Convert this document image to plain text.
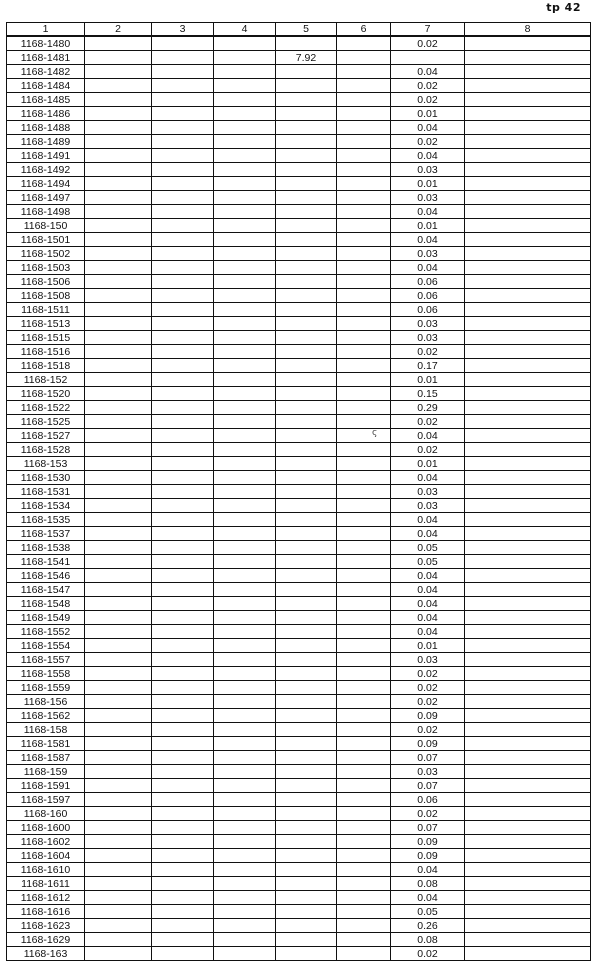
tp 42
ς
1	2	3	4	5	6	7	8
1168-1480						0.02	
1168-1481				7.92			
1168-1482						0.04	
1168-1484						0.02	
1168-1485						0.02	
1168-1486						0.01	
1168-1488						0.04	
1168-1489						0.02	
1168-1491						0.04	
1168-1492						0.03	
1168-1494						0.01	
1168-1497						0.03	
1168-1498						0.04	
1168-150						0.01	
1168-1501						0.04	
1168-1502						0.03	
1168-1503						0.04	
1168-1506						0.06	
1168-1508						0.06	
1168-1511						0.06	
1168-1513						0.03	
1168-1515						0.03	
1168-1516						0.02	
1168-1518						0.17	
1168-152						0.01	
1168-1520						0.15	
1168-1522						0.29	
1168-1525						0.02	
1168-1527						0.04	
1168-1528						0.02	
1168-153						0.01	
1168-1530						0.04	
1168-1531						0.03	
1168-1534						0.03	
1168-1535						0.04	
1168-1537						0.04	
1168-1538						0.05	
1168-1541						0.05	
1168-1546						0.04	
1168-1547						0.04	
1168-1548						0.04	
1168-1549						0.04	
1168-1552						0.04	
1168-1554						0.01	
1168-1557						0.03	
1168-1558						0.02	
1168-1559						0.02	
1168-156						0.02	
1168-1562						0.09	
1168-158						0.02	
1168-1581						0.09	
1168-1587						0.07	
1168-159						0.03	
1168-1591						0.07	
1168-1597						0.06	
1168-160						0.02	
1168-1600						0.07	
1168-1602						0.09	
1168-1604						0.09	
1168-1610						0.04	
1168-1611						0.08	
1168-1612						0.04	
1168-1616						0.05	
1168-1623						0.26	
1168-1629						0.08	
1168-163						0.02	
